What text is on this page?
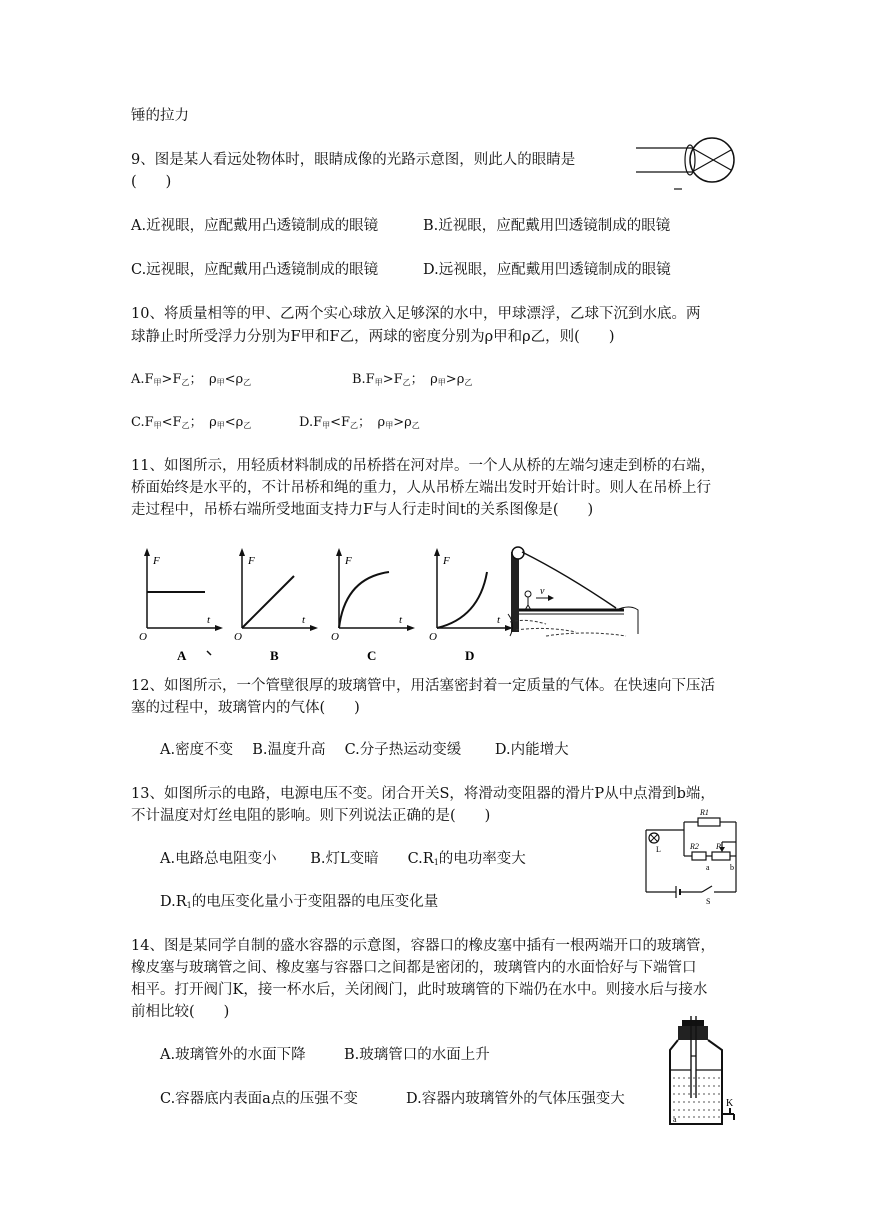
锤的拉力
9、图是某人看远处物体时，眼睛成像的光路示意图，则此人的眼睛是
(　　)
A.近视眼，应配戴用凸透镜制成的眼镜	B.近视眼，应配戴用凹透镜制成的眼镜
C.远视眼，应配戴用凸透镜制成的眼镜	D.远视眼，应配戴用凹透镜制成的眼镜
10、将质量相等的甲、乙两个实心球放入足够深的水中，甲球漂浮，乙球下沉到水底。两
球静止时所受浮力分别为F甲和F乙，两球的密度分别为ρ甲和ρ乙，则(　　)
$A.F_甲>F_乙$；　$\rho_甲<\rho_乙$	$B.F_甲>F_乙$；　$\rho_甲>\rho_乙$
$C.F_甲<F_乙$；　$\rho_甲<\rho_乙$	$D.F_甲<F_乙$；　$\rho_甲>\rho_乙$
11、如图所示，用轻质材料制成的吊桥搭在河对岸。一个人从桥的左端匀速走到桥的右端，
桥面始终是水平的，不计吊桥和绳的重力，人从吊桥左端出发时开始计时。则人在吊桥上行
走过程中，吊桥右端所受地面支持力F与人行走时间t的关系图像是(　　)
F
t
O
A
F
t
O
B
F
t
O
C
F
t
O
D
v
12、如图所示，一个管壁很厚的玻璃管中，用活塞密封着一定质量的气体。在快速向下压活
塞的过程中，玻璃管内的气体(　　)
A.密度不变　 B.温度升高　 C.分子热运动变缓　　 D.内能增大
13、如图所示的电路，电源电压不变。闭合开关S，将滑动变阻器的滑片P从中点滑到b端，
不计温度对灯丝电阻的影响。则下列说法正确的是(　　)
A.电路总电阻变小　　 B.灯L变暗　　$C.R_1$的电功率变大
$D.R_1$的电压变化量小于变阻器的电压变化量
R1
R2 P
L
a	b
S
14、图是某同学自制的盛水容器的示意图，容器口的橡皮塞中插有一根两端开口的玻璃管，
橡皮塞与玻璃管之间、橡皮塞与容器口之间都是密闭的，玻璃管内的水面恰好与下端管口
相平。打开阀门K，接一杯水后，关闭阀门，此时玻璃管的下端仍在水中。则接水后与接水
前相比较(　　)
A.玻璃管外的水面下降	B.玻璃管口的水面上升
C.容器底内表面a点的压强不变	D.容器内玻璃管外的气体压强变大	K
a
